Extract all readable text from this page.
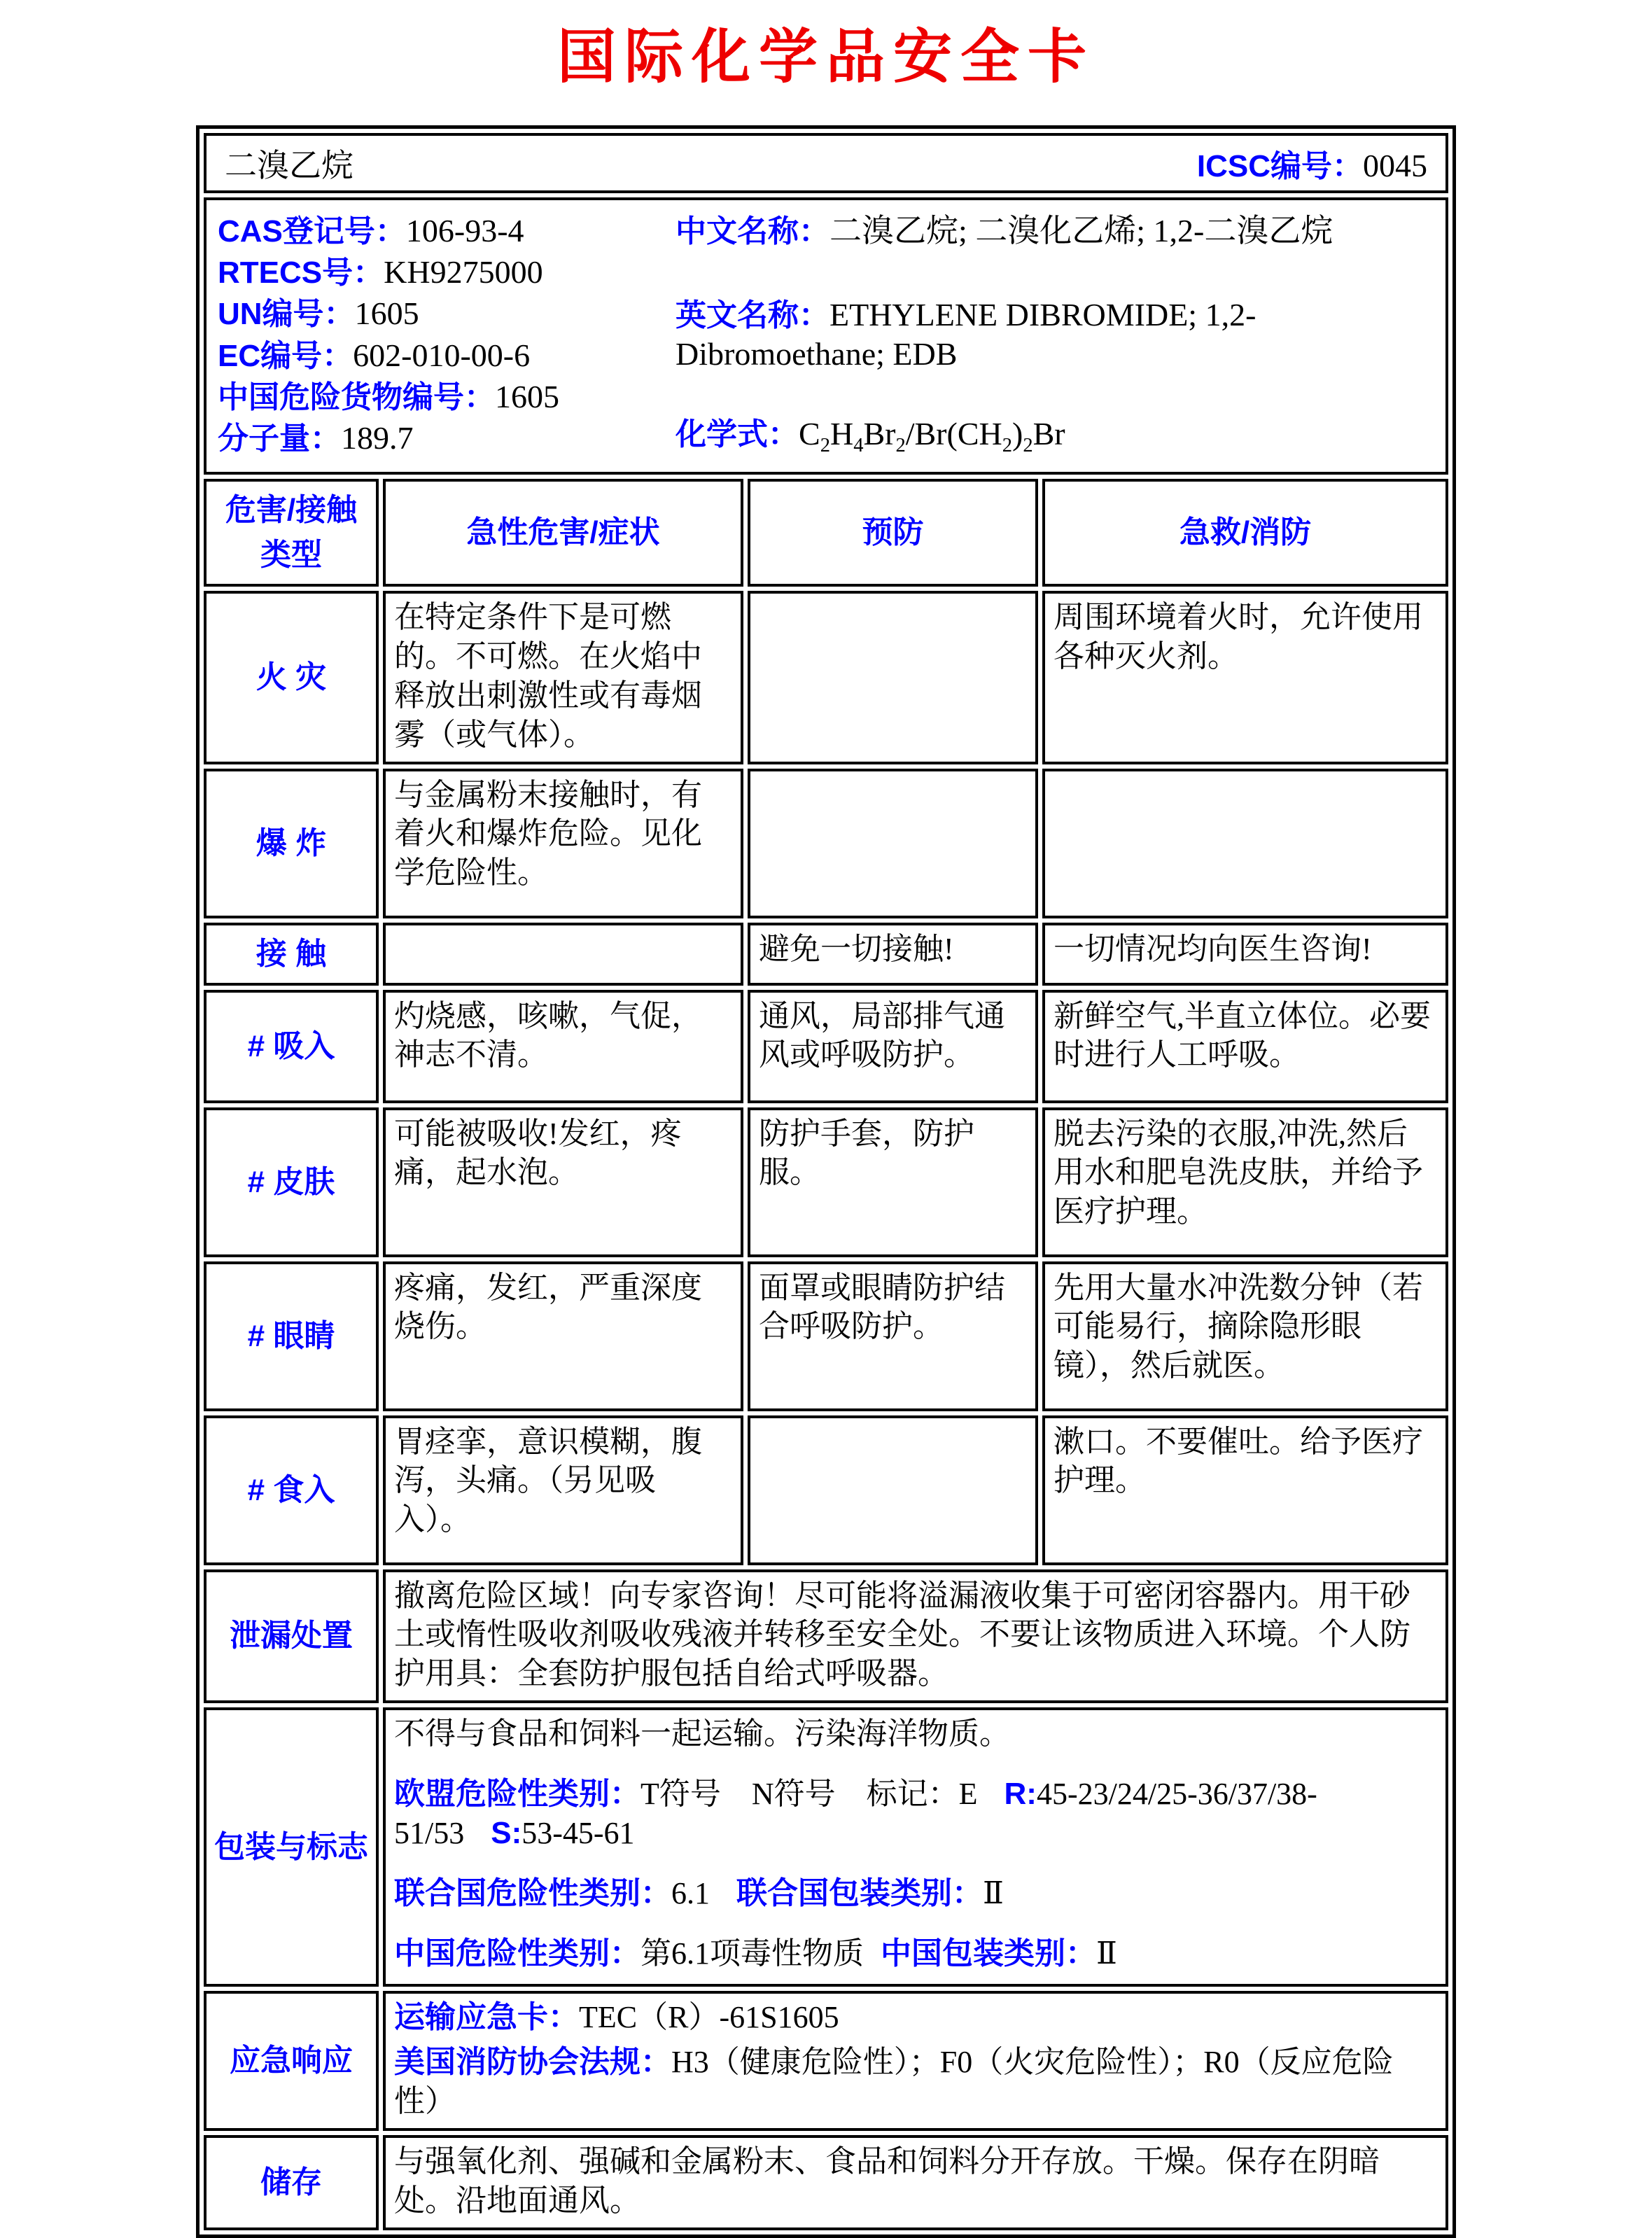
国际化学品安全卡
二溴乙烷 ICSC编号：0045			

CAS登记号：106-93-4
RTECS号：KH9275000
UN编号：1605
EC编号：602-010-00-6
中国危险货物编号：1605
分子量：189.7
中文名称：二溴乙烷; 二溴化乙烯; 1,2-二溴乙烷
英文名称：ETHYLENE DIBROMIDE; 1,2-Dibromoethane; EDB
化学式：$C_2H_4Br_2/Br(CH_2)_2Br$

危害/接触类型	急性危害/症状	预防	急救/消防
火 灾	在特定条件下是可燃的。不可燃。在火焰中释放出刺激性或有毒烟雾（或气体）。		周围环境着火时，允许使用各种灭火剂。
爆 炸	与金属粉末接触时，有着火和爆炸危险。见化学危险性。		
接 触		避免一切接触!	一切情况均向医生咨询!
# 吸入	灼烧感，咳嗽，气促，神志不清。	通风，局部排气通风或呼吸防护。	新鲜空气,半直立体位。必要时进行人工呼吸。
# 皮肤	可能被吸收!发红，疼痛，起水泡。	防护手套，防护服。	脱去污染的衣服,冲洗,然后用水和肥皂洗皮肤，并给予医疗护理。
# 眼睛	疼痛，发红，严重深度烧伤。	面罩或眼睛防护结合呼吸防护。	先用大量水冲洗数分钟（若可能易行，摘除隐形眼镜），然后就医。
# 食入	胃痉挛，意识模糊，腹泻，头痛。（另见吸入）。		漱口。不要催吐。给予医疗护理。
泄漏处置	撤离危险区域！向专家咨询！尽可能将溢漏液收集于可密闭容器内。用干砂土或惰性吸收剂吸收残液并转移至安全处。不要让该物质进入环境。个人防护用具：全套防护服包括自给式呼吸器。		
包装与标志	不得与食品和饲料一起运输。污染海洋物质。

欧盟危险性类别：T符号　N符号　标记：E R:45-23/24/25-36/37/38-51/53 S:53-45-61

联合国危险性类别：6.1 联合国包装类别：Ⅱ

中国危险性类别：第6.1项毒性物质 中国包装类别：Ⅱ		

应急响应	运输应急卡：TEC（R）-61S1605

美国消防协会法规：H3（健康危险性）；F0（火灾危险性）；R0（反应危险性）		

储存	与强氧化剂、强碱和金属粉末、食品和饲料分开存放。干燥。保存在阴暗处。沿地面通风。		
